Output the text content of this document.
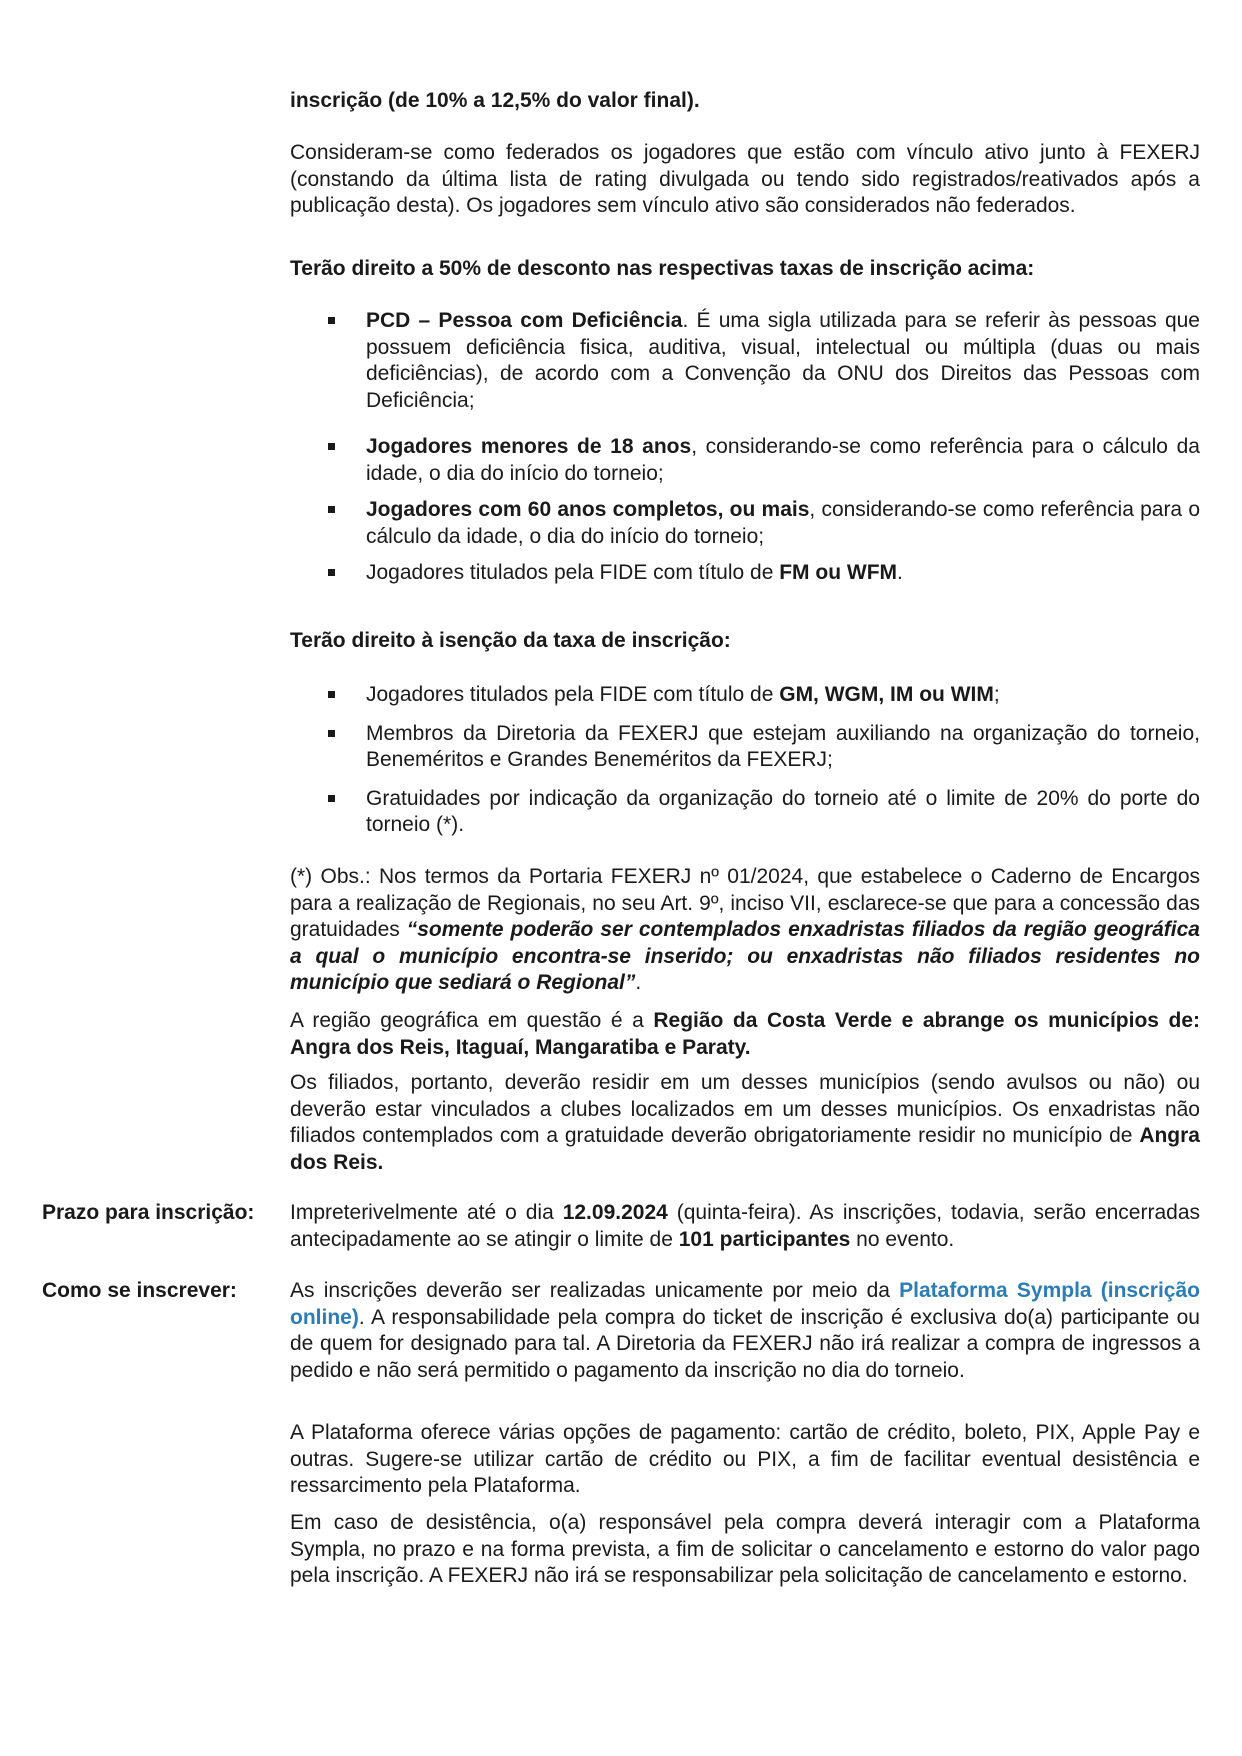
inscrição (de 10% a 12,5% do valor final).

Consideram-se como federados os jogadores que estão com vínculo ativo junto à FEXERJ (constando da última lista de rating divulgada ou tendo sido registrados/reativados após a publicação desta). Os jogadores sem vínculo ativo são considerados não federados.

Terão direito a 50% de desconto nas respectivas taxas de inscrição acima:

PCD – Pessoa com Deficiência. É uma sigla utilizada para se referir às pessoas que possuem deficiência fisica, auditiva, visual, intelectual ou múltipla (duas ou mais deficiências), de acordo com a Convenção da ONU dos Direitos das Pessoas com Deficiência;
Jogadores menores de 18 anos, considerando-se como referência para o cálculo da idade, o dia do início do torneio;
Jogadores com 60 anos completos, ou mais, considerando-se como referência para o cálculo da idade, o dia do início do torneio;
Jogadores titulados pela FIDE com título de FM ou WFM.

Terão direito à isenção da taxa de inscrição:

Jogadores titulados pela FIDE com título de GM, WGM, IM ou WIM;
Membros da Diretoria da FEXERJ que estejam auxiliando na organização do torneio, Beneméritos e Grandes Beneméritos da FEXERJ;
Gratuidades por indicação da organização do torneio até o limite de 20% do porte do torneio (*).

(*) Obs.: Nos termos da Portaria FEXERJ nº 01/2024, que estabelece o Caderno de Encargos para a realização de Regionais, no seu Art. 9º, inciso VII, esclarece-se que para a concessão das gratuidades “somente poderão ser contemplados enxadristas filiados da região geográfica a qual o município encontra-se inserido; ou enxadristas não filiados residentes no município que sediará o Regional”.

A região geográfica em questão é a Região da Costa Verde e abrange os municípios de: Angra dos Reis, Itaguaí, Mangaratiba e Paraty.

Os filiados, portanto, deverão residir em um desses municípios (sendo avulsos ou não) ou deverão estar vinculados a clubes localizados em um desses municípios. Os enxadristas não filiados contemplados com a gratuidade deverão obrigatoriamente residir no município de Angra dos Reis.

Prazo para inscrição:	Impreterivelmente até o dia 12.09.2024 (quinta-feira). As inscrições, todavia, serão encerradas antecipadamente ao se atingir o limite de 101 participantes no evento.

Como se inscrever:	As inscrições deverão ser realizadas unicamente por meio da Plataforma Sympla (inscrição online). A responsabilidade pela compra do ticket de inscrição é exclusiva do(a) participante ou de quem for designado para tal. A Diretoria da FEXERJ não irá realizar a compra de ingressos a pedido e não será permitido o pagamento da inscrição no dia do torneio.

A Plataforma oferece várias opções de pagamento: cartão de crédito, boleto, PIX, Apple Pay e outras. Sugere-se utilizar cartão de crédito ou PIX, a fim de facilitar eventual desistência e ressarcimento pela Plataforma.

Em caso de desistência, o(a) responsável pela compra deverá interagir com a Plataforma Sympla, no prazo e na forma prevista, a fim de solicitar o cancelamento e estorno do valor pago pela inscrição. A FEXERJ não irá se responsabilizar pela solicitação de cancelamento e estorno.
